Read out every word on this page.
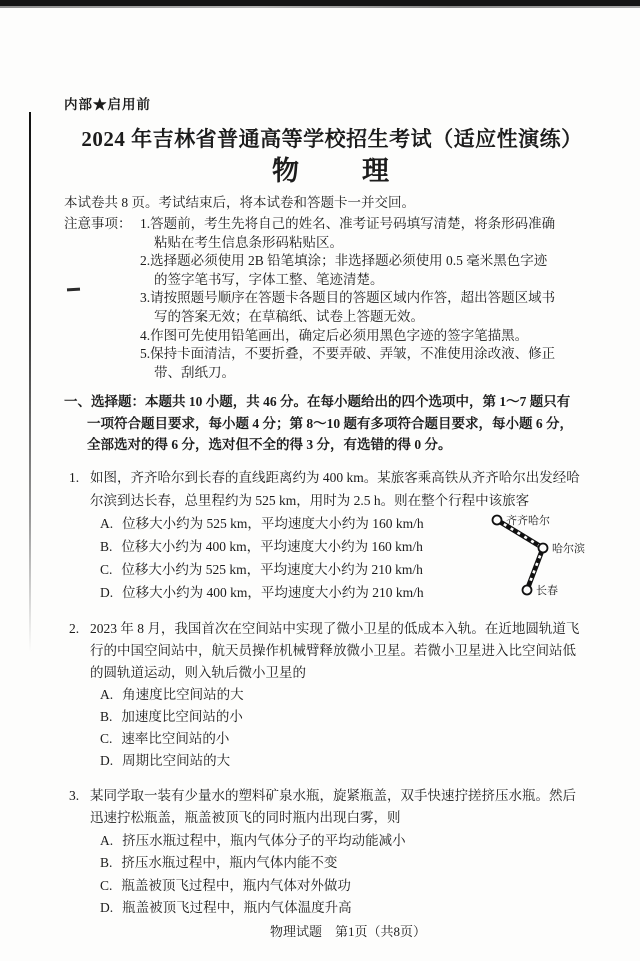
内部★启用前
2024 年吉林省普通高等学校招生考试（适应性演练）
物　　理

本试卷共 8 页。考试结束后，将本试卷和答题卡一并交回。

注意事项： 1.答题前，考生先将自己的姓名、准考证号码填写清楚，将条形码准确
粘贴在考生信息条形码粘贴区。
2.选择题必须使用 2B 铅笔填涂；非选择题必须使用 0.5 毫米黑色字迹
的签字笔书写，字体工整、笔迹清楚。
3.请按照题号顺序在答题卡各题目的答题区域内作答，超出答题区域书
写的答案无效；在草稿纸、试卷上答题无效。
4.作图可先使用铅笔画出，确定后必须用黑色字迹的签字笔描黑。
5.保持卡面清洁，不要折叠，不要弄破、弄皱，不准使用涂改液、修正
带、刮纸刀。
一、选择题：本题共 10 小题，共 46 分。在每小题给出的四个选项中，第 1～7 题只有
一项符合题目要求，每小题 4 分；第 8～10 题有多项符合题目要求，每小题 6 分，
全部选对的得 6 分，选对但不全的得 3 分，有选错的得 0 分。
1. 如图，齐齐哈尔到长春的直线距离约为 400 km。某旅客乘高铁从齐齐哈尔出发经哈
尔滨到达长春，总里程约为 525 km，用时为 2.5 h。则在整个行程中该旅客
A. 位移大小约为 525 km，平均速度大小约为 160 km/h
B. 位移大小约为 400 km，平均速度大小约为 160 km/h
C. 位移大小约为 525 km，平均速度大小约为 210 km/h
D. 位移大小约为 400 km，平均速度大小约为 210 km/h
2. 2023 年 8 月，我国首次在空间站中实现了微小卫星的低成本入轨。在近地圆轨道飞
行的中国空间站中，航天员操作机械臂释放微小卫星。若微小卫星进入比空间站低
的圆轨道运动，则入轨后微小卫星的
A. 角速度比空间站的大
B. 加速度比空间站的小
C. 速率比空间站的小
D. 周期比空间站的大
3. 某同学取一装有少量水的塑料矿泉水瓶，旋紧瓶盖，双手快速拧搓挤压水瓶。然后
迅速拧松瓶盖，瓶盖被顶飞的同时瓶内出现白雾，则
A. 挤压水瓶过程中，瓶内气体分子的平均动能减小
B. 挤压水瓶过程中，瓶内气体内能不变
C. 瓶盖被顶飞过程中，瓶内气体对外做功
D. 瓶盖被顶飞过程中，瓶内气体温度升高
齐齐哈尔
哈尔滨
长春
物理试题　第1页（共8页）
